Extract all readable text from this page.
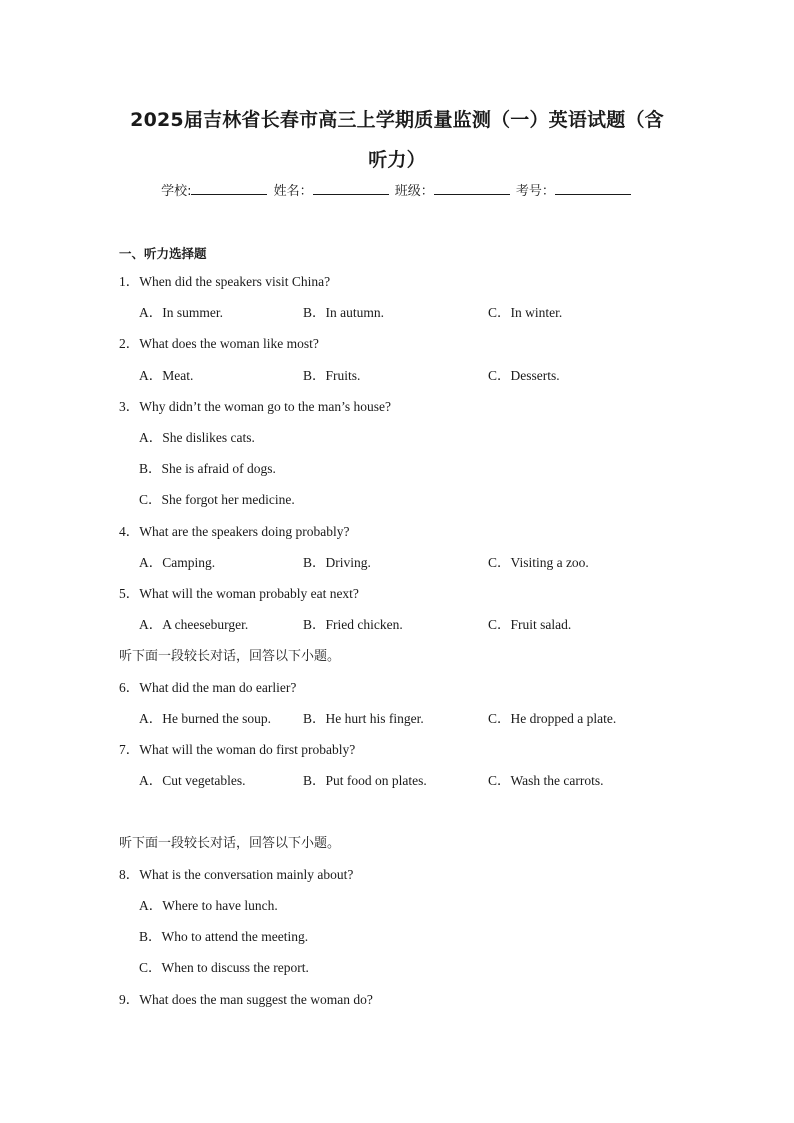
2025届吉林省长春市高三上学期质量监测（一）英语试题（含
听力）
学校:	姓名：	班级：	考号：
一、听力选择题
1．When did the speakers visit China?
A．In summer.	B．In autumn.	C．In winter.
2．What does the woman like most?
A．Meat.	B．Fruits.	C．Desserts.
3．Why didn’t the woman go to the man’s house?
A．She dislikes cats.
B．She is afraid of dogs.
C．She forgot her medicine.
4．What are the speakers doing probably?
A．Camping.	B．Driving.	C．Visiting a zoo.
5．What will the woman probably eat next?
A．A cheeseburger.	B．Fried chicken.	C．Fruit salad.
听下面一段较长对话，回答以下小题。
6．What did the man do earlier?
A．He burned the soup. B．He hurt his finger.	C．He dropped a plate.
7．What will the woman do first probably?
A．Cut vegetables.	B．Put food on plates.	C．Wash the carrots.
听下面一段较长对话，回答以下小题。
8．What is the conversation mainly about?
A．Where to have lunch.
B．Who to attend the meeting.
C．When to discuss the report.
9．What does the man suggest the woman do?
